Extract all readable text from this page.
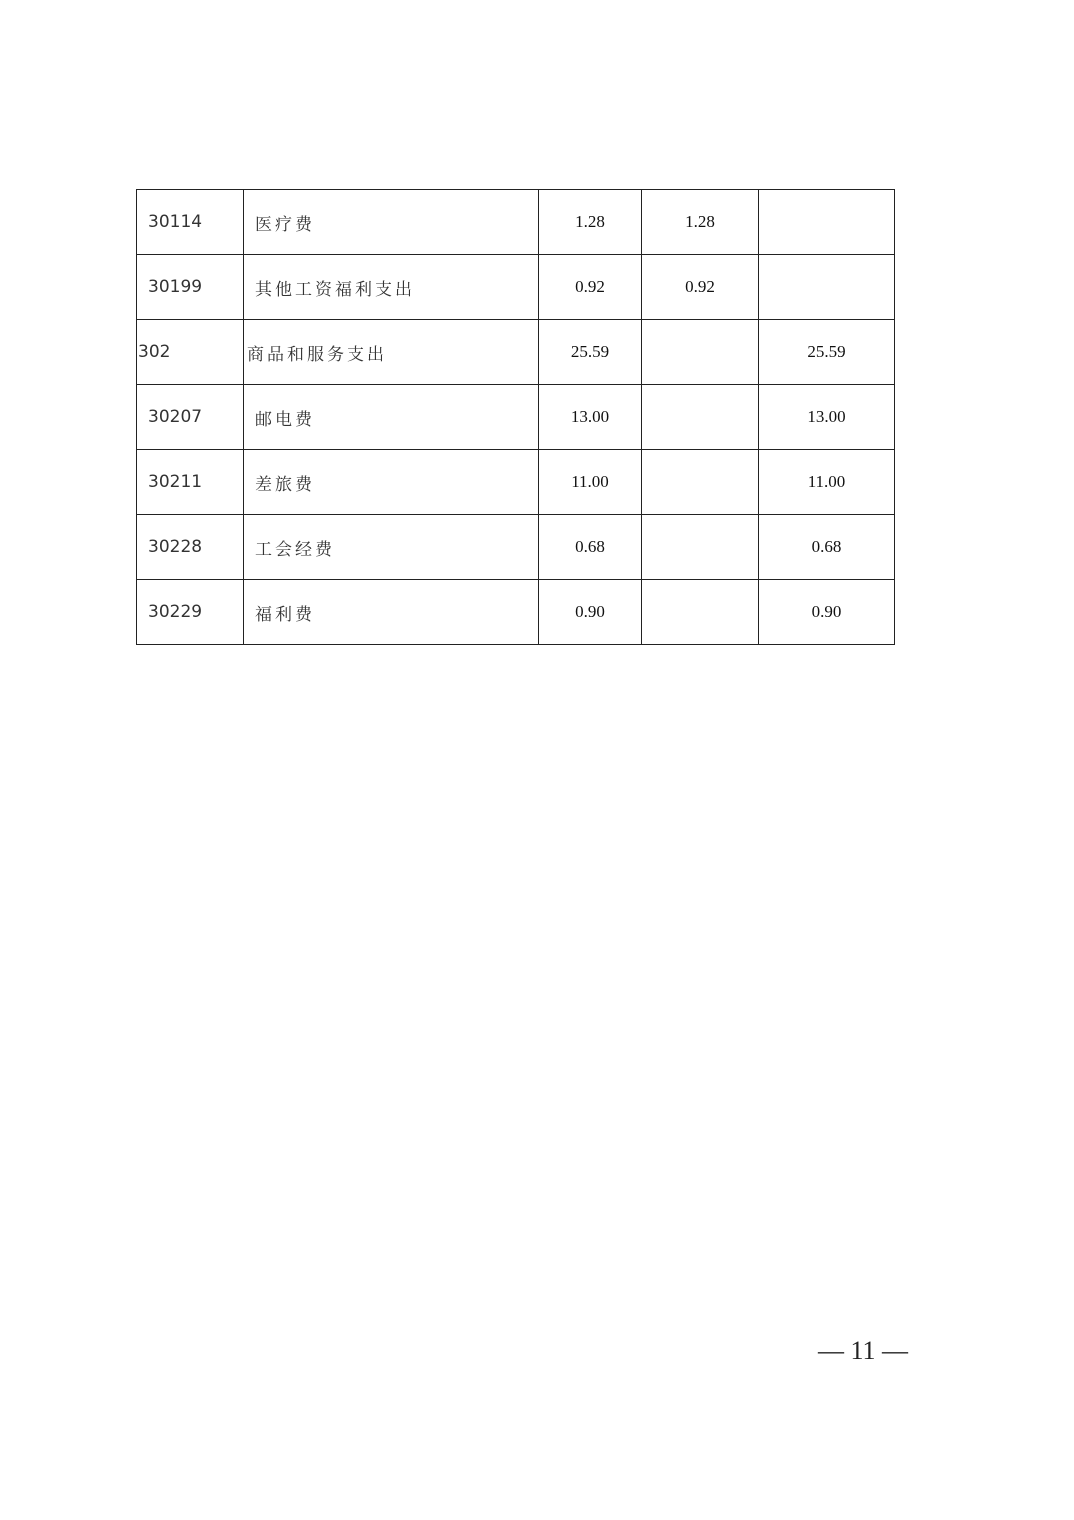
30114	医疗费	1.28	1.28	
30199	其他工资福利支出	0.92	0.92	
302	商品和服务支出	25.59		25.59
30207	邮电费	13.00		13.00
30211	差旅费	11.00		11.00
30228	工会经费	0.68		0.68
30229	福利费	0.90		0.90
— 11 —
